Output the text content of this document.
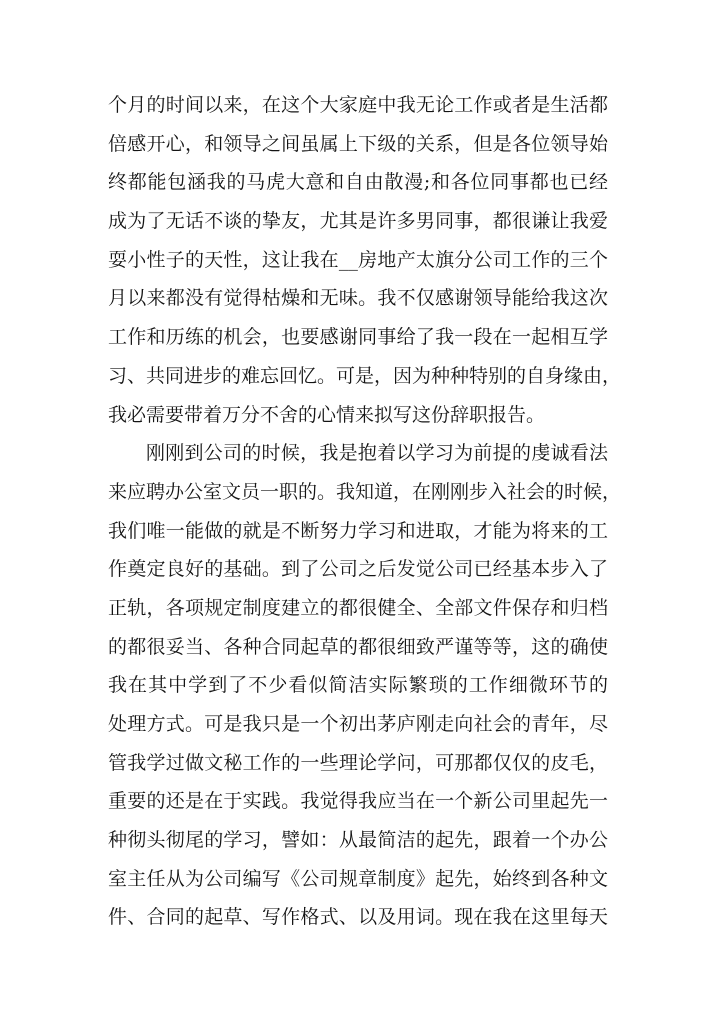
个月的时间以来，在这个大家庭中我无论工作或者是生活都
倍感开心，和领导之间虽属上下级的关系，但是各位领导始
终都能包涵我的马虎大意和自由散漫;和各位同事都也已经
成为了无话不谈的挚友，尤其是许多男同事，都很谦让我爱
耍小性子的天性，这让我在__房地产太旗分公司工作的三个
月以来都没有觉得枯燥和无味。我不仅感谢领导能给我这次
工作和历练的机会，也要感谢同事给了我一段在一起相互学
习、共同进步的难忘回忆。可是，因为种种特别的自身缘由，
我必需要带着万分不舍的心情来拟写这份辞职报告。
刚刚到公司的时候，我是抱着以学习为前提的虔诚看法
来应聘办公室文员一职的。我知道，在刚刚步入社会的时候，
我们唯一能做的就是不断努力学习和进取，才能为将来的工
作奠定良好的基础。到了公司之后发觉公司已经基本步入了
正轨，各项规定制度建立的都很健全、全部文件保存和归档
的都很妥当、各种合同起草的都很细致严谨等等，这的确使
我在其中学到了不少看似简洁实际繁琐的工作细微环节的
处理方式。可是我只是一个初出茅庐刚走向社会的青年，尽
管我学过做文秘工作的一些理论学问，可那都仅仅的皮毛，
重要的还是在于实践。我觉得我应当在一个新公司里起先一
种彻头彻尾的学习，譬如：从最简洁的起先，跟着一个办公
室主任从为公司编写《公司规章制度》起先，始终到各种文
件、合同的起草、写作格式、以及用词。现在我在这里每天
